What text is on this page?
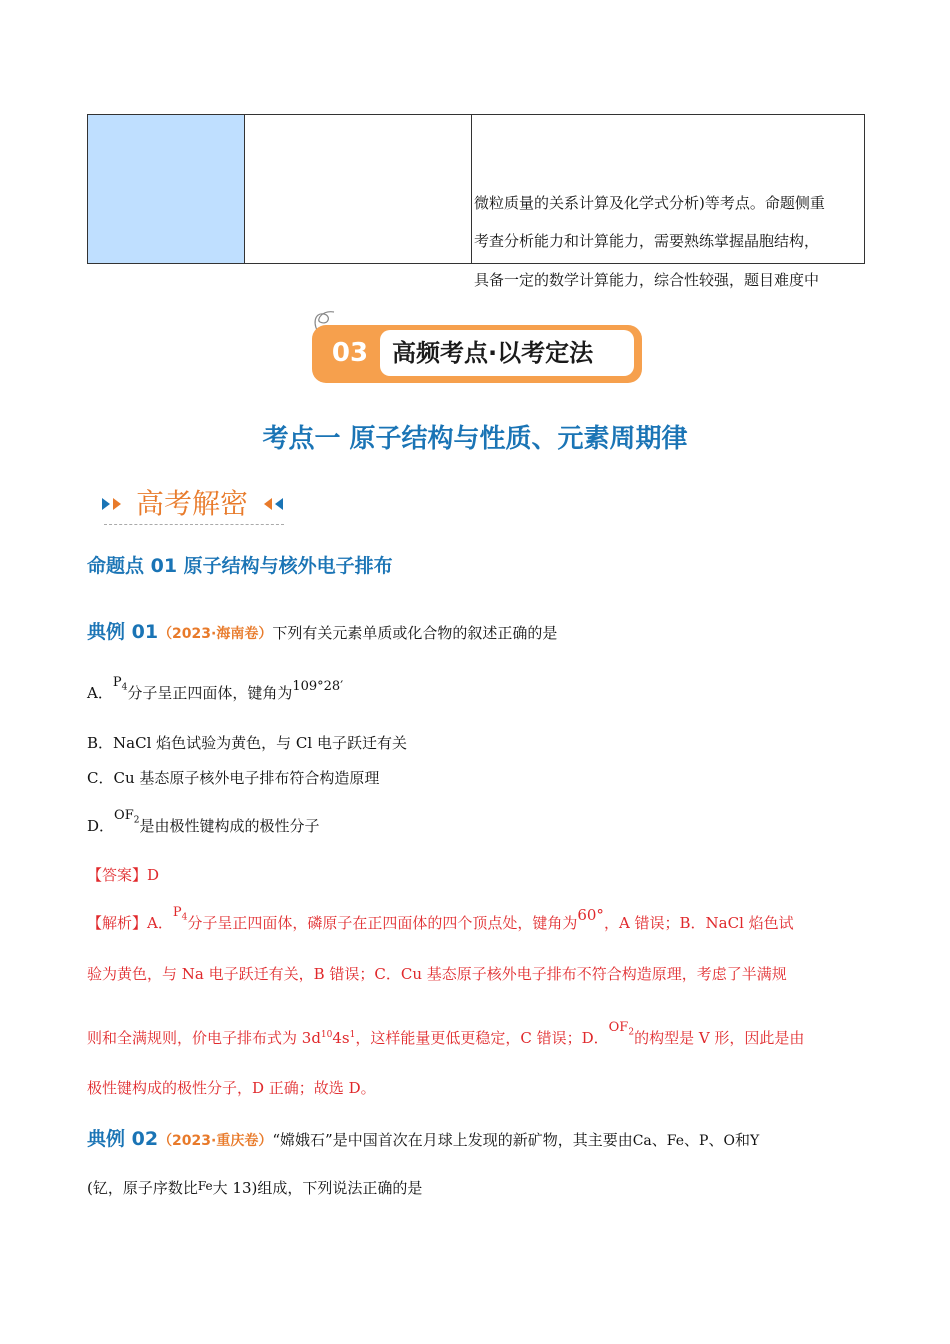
微粒质量的关系计算及化学式分析)等考点。命题侧重
考查分析能力和计算能力，需要熟练掌握晶胞结构，
具备一定的数学计算能力，综合性较强，题目难度中
03 高频考点·以考定法
考点一 原子结构与性质、元素周期律
高考解密
命题点 01 原子结构与核外电子排布
典例 01（2023·海南卷）下列有关元素单质或化合物的叙述正确的是
A．$P_4$分子呈正四面体，键角为109°28′
B．NaCl 焰色试验为黄色，与 Cl 电子跃迁有关
C．Cu 基态原子核外电子排布符合构造原理
D．$OF_2$是由极性键构成的极性分子
【答案】D
【解析】A．$P_4$分子呈正四面体，磷原子在正四面体的四个顶点处，键角为60°，A 错误；B．NaCl 焰色试
验为黄色，与 Na 电子跃迁有关，B 错误；C．Cu 基态原子核外电子排布不符合构造原理，考虑了半满规
则和全满规则，价电子排布式为 $3d^{10}4s^1$，这样能量更低更稳定，C 错误；D．$OF_2$的构型是 V 形，因此是由
极性键构成的极性分子，D 正确；故选 D。
典例 02（2023·重庆卷）“嫦娥石”是中国首次在月球上发现的新矿物，其主要由Ca、Fe、P、O和Y
(钇，原子序数比$^{Fe}$大 13)组成，下列说法正确的是
